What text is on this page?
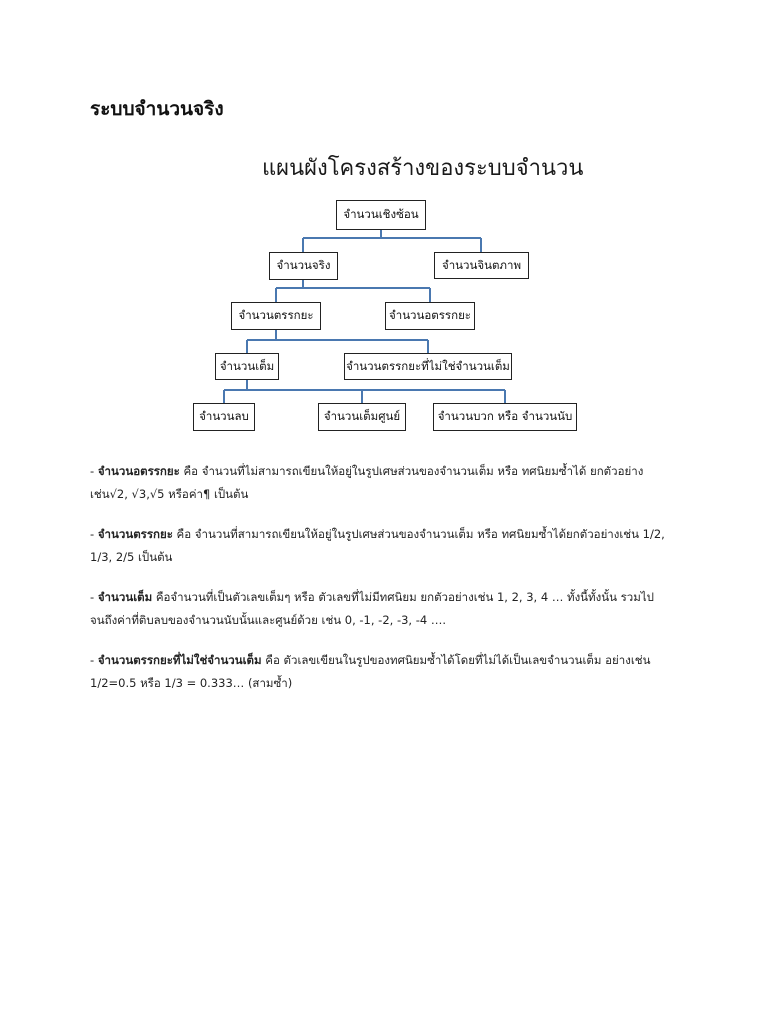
ระบบจำนวนจริง
แผนผังโครงสร้างของระบบจำนวน
จำนวนเชิงซ้อน
จำนวนจริง	จำนวนจินตภาพ
จำนวนตรรกยะ	จำนวนอตรรกยะ
จำนวนเต็ม	จำนวนตรรกยะที่ไม่ใช่จำนวนเต็ม
จำนวนลบ	จำนวนเต็มศูนย์	จำนวนบวก หรือ จำนวนนับ

- จำนวนอตรรกยะ คือ จำนวนที่ไม่สามารถเขียนให้อยู่ในรูปเศษส่วนของจำนวนเต็ม หรือ ทศนิยมซ้ำได้ ยกตัวอย่างเช่น√2, √3,√5 หรือค่า¶ เป็นต้น

- จำนวนตรรกยะ คือ จำนวนที่สามารถเขียนให้อยู่ในรูปเศษส่วนของจำนวนเต็ม หรือ ทศนิยมซ้ำได้ยกตัวอย่างเช่น 1/2, 1/3, 2/5 เป็นต้น

- จำนวนเต็ม คือจำนวนที่เป็นตัวเลขเต็มๆ หรือ ตัวเลขที่ไม่มีทศนิยม ยกตัวอย่างเช่น 1, 2, 3, 4 … ทั้งนี้ทั้งนั้น รวมไปจนถึงค่าที่ติบลบของจำนวนนับนั้นและศูนย์ด้วย เช่น 0, -1, -2, -3, -4 ….

- จำนวนตรรกยะที่ไม่ใช่จำนวนเต็ม คือ ตัวเลขเขียนในรูปของทศนิยมซ้ำได้โดยที่ไม่ได้เป็นเลขจำนวนเต็ม อย่างเช่น 1/2=0.5 หรือ 1/3 = 0.333… (สามซ้ำ)
